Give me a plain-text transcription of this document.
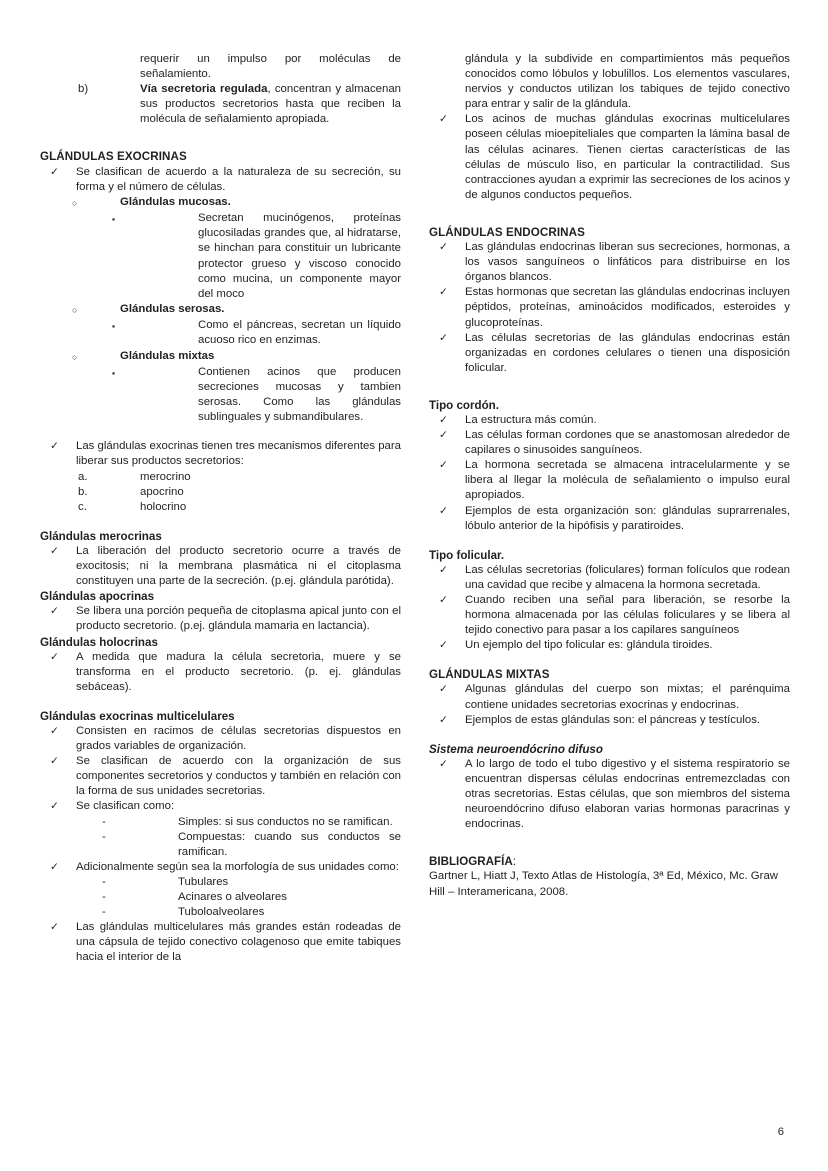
requerir un impulso por moléculas de señalamiento.

b)	Vía secretoria regulada, concentran y almacenan sus productos secretorios hasta que reciben la molécula de señalamiento apropiada.

GLÁNDULAS EXOCRINAS
✓	Se clasifican de acuerdo a la naturaleza de su secreción, su forma y el número de células.

○	Glándulas mucosas.

▪	Secretan mucinógenos, proteínas glucosiladas grandes que, al hidratarse, se hinchan para constituir un lubricante protector grueso y viscoso conocido como mucina, un componente mayor del moco

○	Glándulas serosas.

▪	Como el páncreas, secretan un líquido acuoso rico en enzimas.

○	Glándulas mixtas

▪	Contienen acinos que producen secreciones mucosas y tambien serosas. Como las glándulas sublinguales y submandibulares.

✓	Las glándulas exocrinas tienen tres mecanismos diferentes para liberar sus productos secretorios:

a.	merocrino

b.	apocrino

c.	holocrino

Glándulas merocrinas
✓	La liberación del producto secretorio ocurre a través de exocitosis; ni la membrana plasmática ni el citoplasma constituyen una parte de la secreción. (p.ej. glándula parótida).

Glándulas apocrinas
✓	Se libera una porción pequeña de citoplasma apical junto con el producto secretorio. (p.ej. glándula mamaria en lactancia).

Glándulas holocrinas
✓	A medida que madura la célula secretoria, muere y se transforma en el producto secretorio. (p. ej. glándulas sebáceas).

Glándulas exocrinas multicelulares
✓	Consisten en racimos de células secretorias dispuestos en grados variables de organización.

✓	Se clasifican de acuerdo con la organización de sus componentes secretorios y conductos y también en relación con la forma de sus unidades secretorias.

✓	Se clasifican como:

-	Simples: si sus conductos no se ramifican.

-	Compuestas: cuando sus conductos se ramifican.

✓	Adicionalmente según sea la morfología de sus unidades como:

-	Tubulares

-	Acinares o alveolares

-	Tuboloalveolares

✓	Las glándulas multicelulares más grandes están rodeadas de una cápsula de tejido conectivo colagenoso que emite tabiques hacia el interior de la

glándula y la subdivide en compartimientos más pequeños conocidos como lóbulos y lobulillos. Los elementos vasculares, nervios y conductos utilizan los tabiques de tejido conectivo para entrar y salir de la glándula.

✓	Los acinos de muchas glándulas exocrinas multicelulares poseen células mioepiteliales que comparten la lámina basal de las células acinares. Tienen ciertas características de las células de músculo liso, en particular la contractilidad. Sus contracciones ayudan a exprimir las secreciones de los acinos y de algunos conductos pequeños.

GLÁNDULAS ENDOCRINAS
✓	Las glándulas endocrinas liberan sus secreciones, hormonas, a los vasos sanguíneos o linfáticos para distribuirse en los órganos blancos.

✓	Estas hormonas que secretan las glándulas endocrinas incluyen péptidos, proteínas, aminoácidos modificados, esteroides y glucoproteínas.

✓	Las células secretorias de las glándulas endocrinas están organizadas en cordones celulares o tienen una disposición folicular.

Tipo cordón.
✓	La estructura más común.

✓	Las células forman cordones que se anastomosan alrededor de capilares o sinusoides sanguíneos.

✓	La hormona secretada se almacena intracelularmente y se libera al llegar la molécula de señalamiento o impulso eural apropiados.

✓	Ejemplos de esta organización son: glándulas suprarrenales, lóbulo anterior de la hipófisis y paratiroides.

Tipo folicular.
✓	Las células secretorias (foliculares) forman folículos que rodean una cavidad que recibe y almacena la hormona secretada.

✓	Cuando reciben una señal para liberación, se resorbe la hormona almacenada por las células foliculares y se libera al tejido conectivo para pasar a los capilares sanguíneos

✓	Un ejemplo del tipo folicular es: glándula tiroides.

GLÁNDULAS MIXTAS
✓	Algunas glándulas del cuerpo son mixtas; el parénquima contiene unidades secretorias exocrinas y endocrinas.

✓	Ejemplos de estas glándulas son: el páncreas y testículos.

Sistema neuroendócrino difuso
✓	A lo largo de todo el tubo digestivo y el sistema respiratorio se encuentran dispersas células endocrinas entremezcladas con otras secretorias. Estas células, que son miembros del sistema neuroendócrino difuso elaboran varias hormonas paracrinas y endocrinas.

BIBLIOGRAFÍA:

Gartner L, Hiatt J, Texto Atlas de Histología, 3ª Ed, México, Mc. Graw Hill – Interamericana, 2008.

6
